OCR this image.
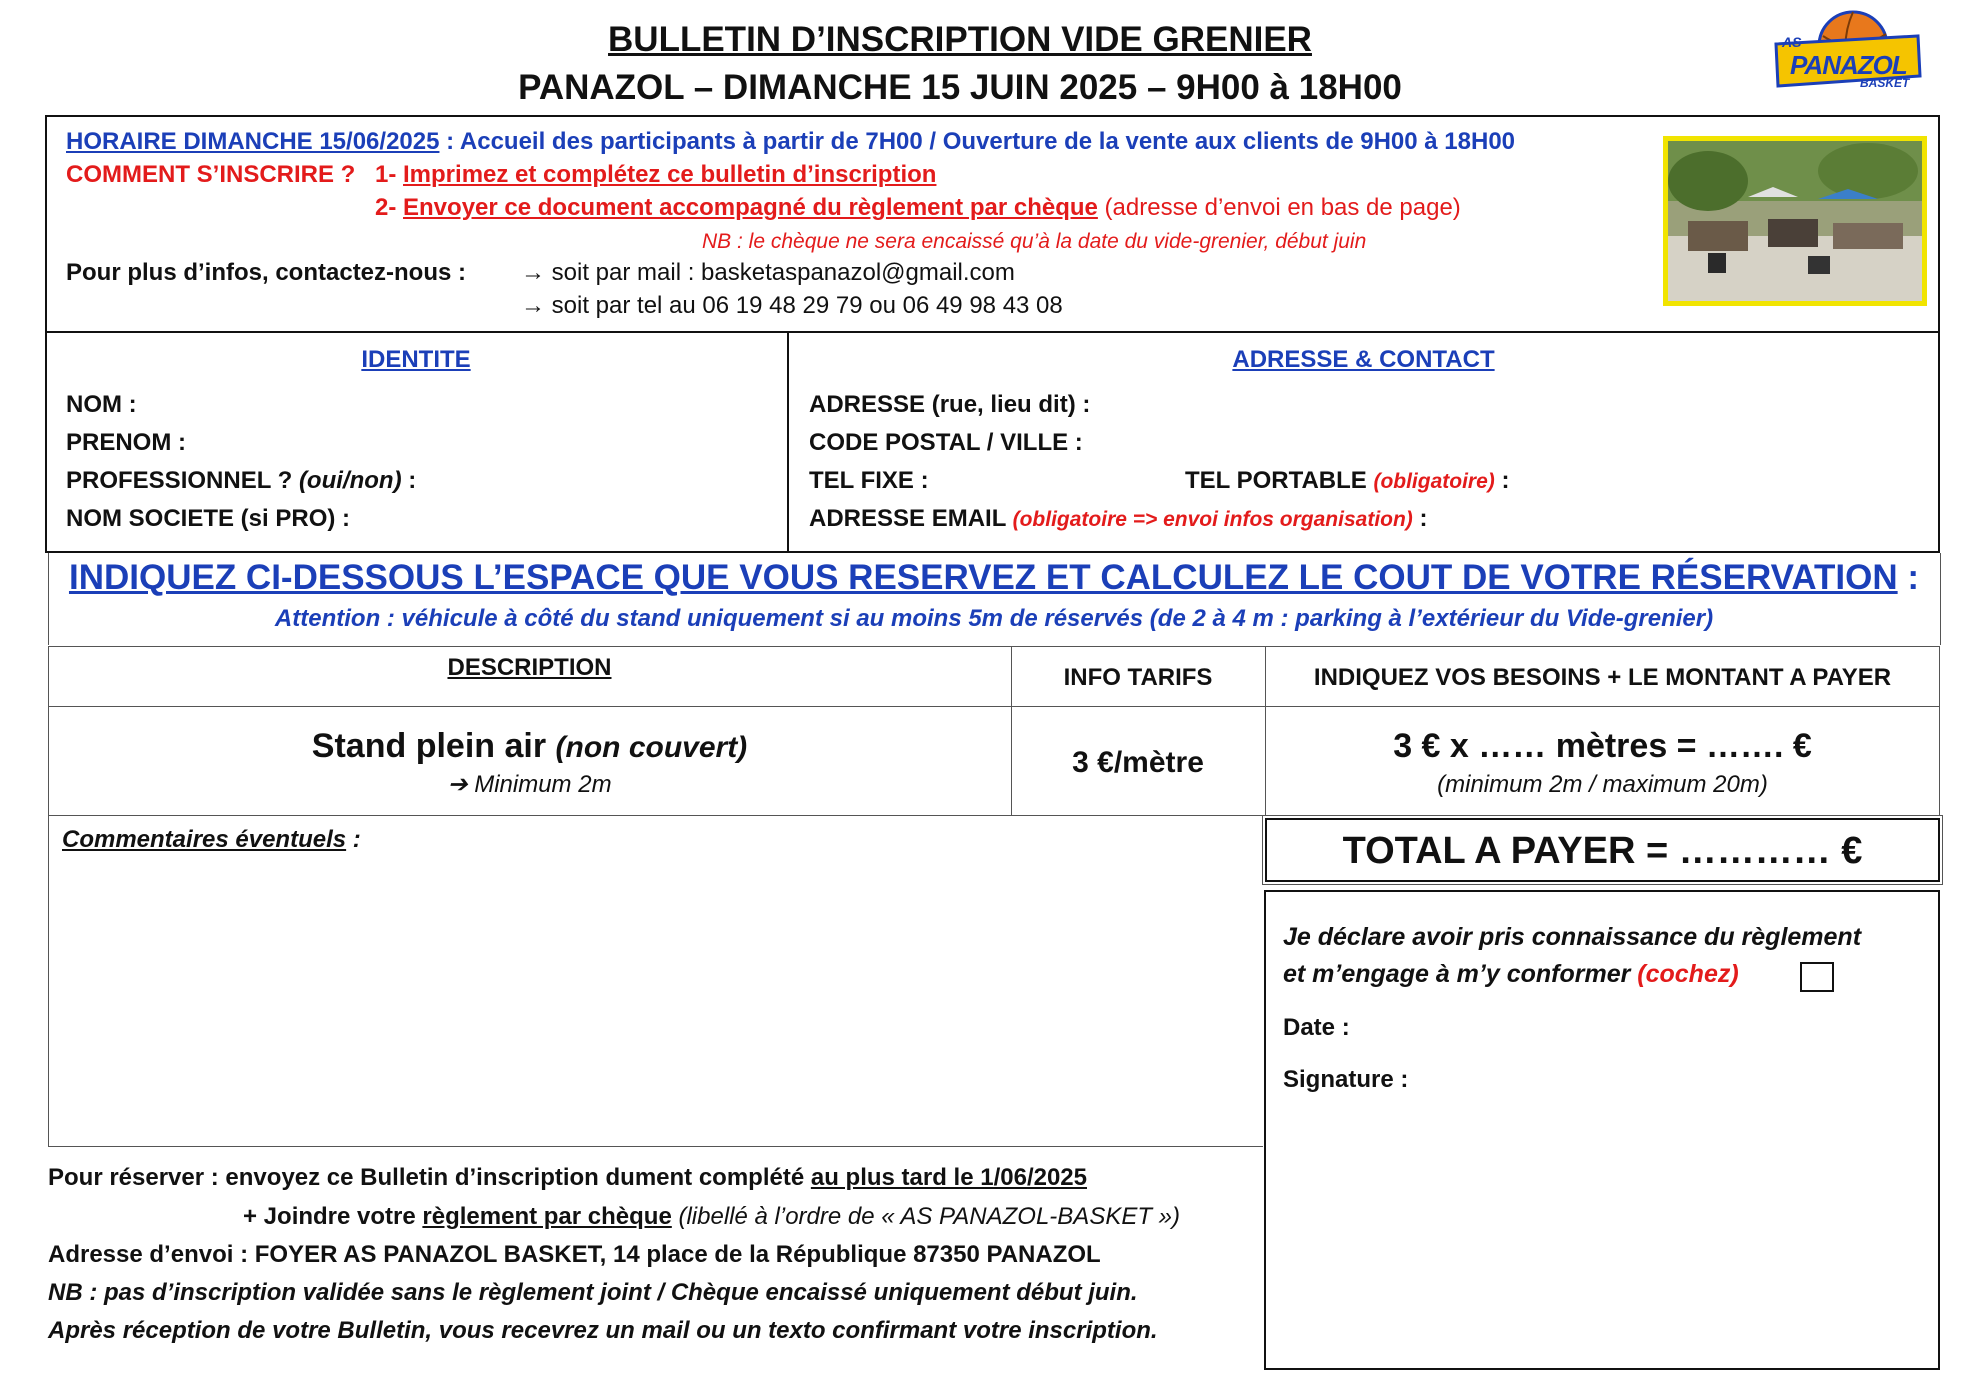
BULLETIN D’INSCRIPTION VIDE GRENIER
PANAZOL – DIMANCHE 15 JUIN 2025 – 9H00 à 18H00
AS
PANAZOL
BASKET
HORAIRE DIMANCHE 15/06/2025 : Accueil des participants à partir de 7H00 / Ouverture de la vente aux clients de 9H00 à 18H00
COMMENT S’INSCRIRE ? 1- Imprimez et complétez ce bulletin d’inscription
2- Envoyer ce document accompagné du règlement par chèque (adresse d’envoi en bas de page)
NB : le chèque ne sera encaissé qu’à la date du vide-grenier, début juin
Pour plus d’infos, contactez-nous : → soit par mail : basketaspanazol@gmail.com
→ soit par tel au 06 19 48 29 79 ou 06 49 98 43 08
IDENTITE
NOM :
PRENOM :
PROFESSIONNEL ? (oui/non) :
NOM SOCIETE (si PRO) :
ADRESSE & CONTACT
ADRESSE (rue, lieu dit) :
CODE POSTAL / VILLE :
TEL FIXE :	TEL PORTABLE (obligatoire) :
ADRESSE EMAIL (obligatoire => envoi infos organisation) :
INDIQUEZ CI-DESSOUS L’ESPACE QUE VOUS RESERVEZ ET CALCULEZ LE COUT DE VOTRE RÉSERVATION :
Attention : véhicule à côté du stand uniquement si au moins 5m de réservés (de 2 à 4 m : parking à l’extérieur du Vide-grenier)
DESCRIPTION	INFO TARIFS	INDIQUEZ VOS BESOINS + LE MONTANT A PAYER
Stand plein air (non couvert)
➔ Minimum 2m
3 €/mètre	3 € x …… mètres = ……. €
(minimum 2m / maximum 20m)
Commentaires éventuels :	TOTAL A PAYER = ………… €
Je déclare avoir pris connaissance du règlement
et m’engage à m’y conformer (cochez)
Date :
Signature :
Pour réserver : envoyez ce Bulletin d’inscription dument complété au plus tard le 1/06/2025
+ Joindre votre règlement par chèque (libellé à l’ordre de « AS PANAZOL-BASKET »)
Adresse d’envoi : FOYER AS PANAZOL BASKET, 14 place de la République 87350 PANAZOL
NB : pas d’inscription validée sans le règlement joint / Chèque encaissé uniquement début juin.
Après réception de votre Bulletin, vous recevrez un mail ou un texto confirmant votre inscription.
